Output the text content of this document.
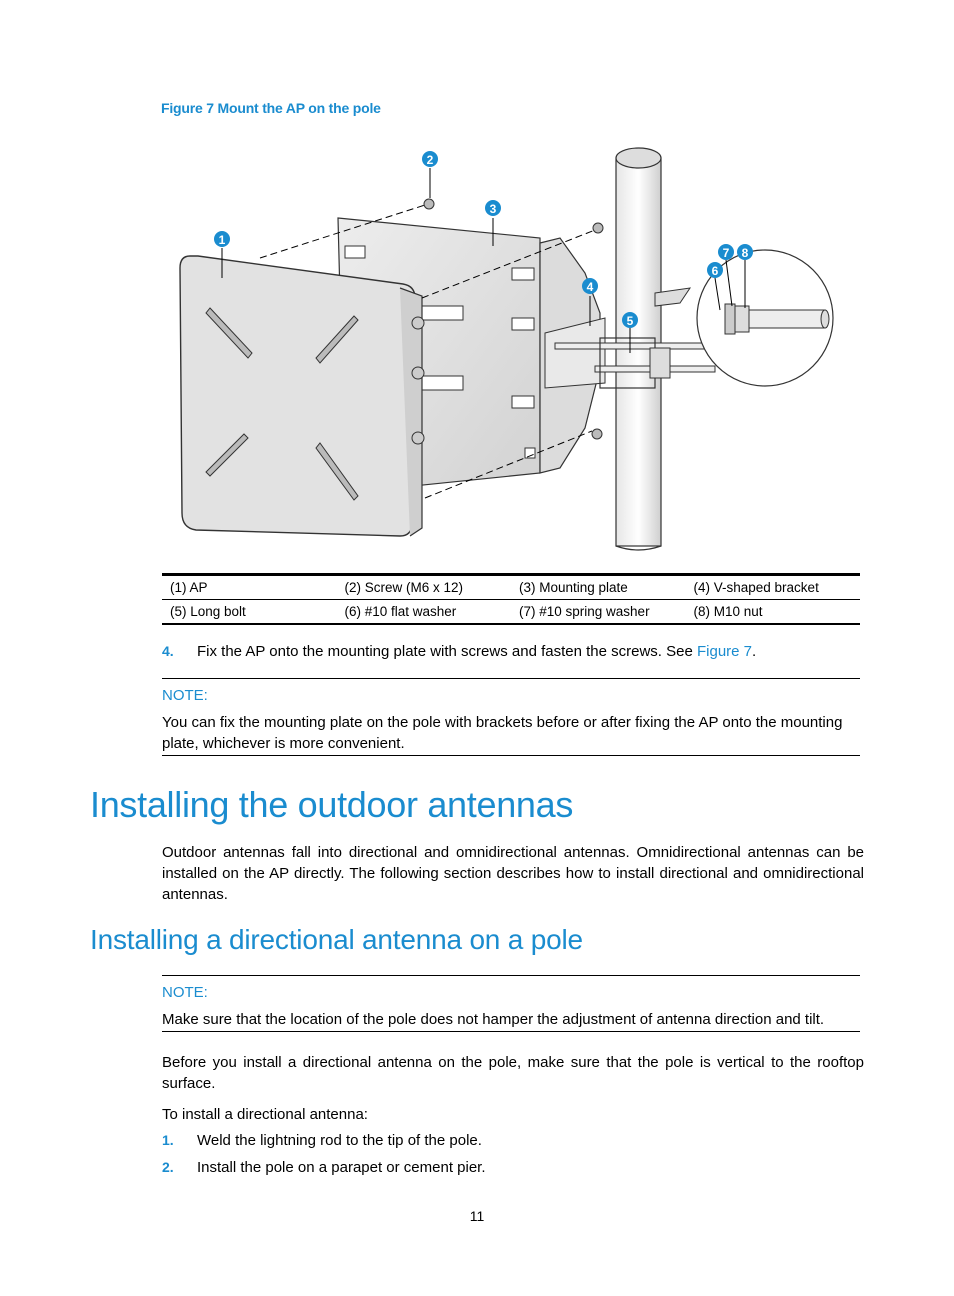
Figure 7 Mount the AP on the pole
1
2
3
4
5
6
7 8
(1) AP	(2) Screw (M6 x 12)	(3) Mounting plate	(4) V-shaped bracket
(5) Long bolt	(6) #10 flat washer	(7) #10 spring washer	(8) M10 nut
4. Fix the AP onto the mounting plate with screws and fasten the screws. See Figure 7.
NOTE:
You can fix the mounting plate on the pole with brackets before or after fixing the AP onto the mounting plate, whichever is more convenient.
Installing the outdoor antennas
Outdoor antennas fall into directional and omnidirectional antennas. Omnidirectional antennas can be installed on the AP directly. The following section describes how to install directional and omnidirectional antennas.
Installing a directional antenna on a pole
NOTE:
Make sure that the location of the pole does not hamper the adjustment of antenna direction and tilt.
Before you install a directional antenna on the pole, make sure that the pole is vertical to the rooftop surface.
To install a directional antenna:
1. Weld the lightning rod to the tip of the pole.
2. Install the pole on a parapet or cement pier.
11
